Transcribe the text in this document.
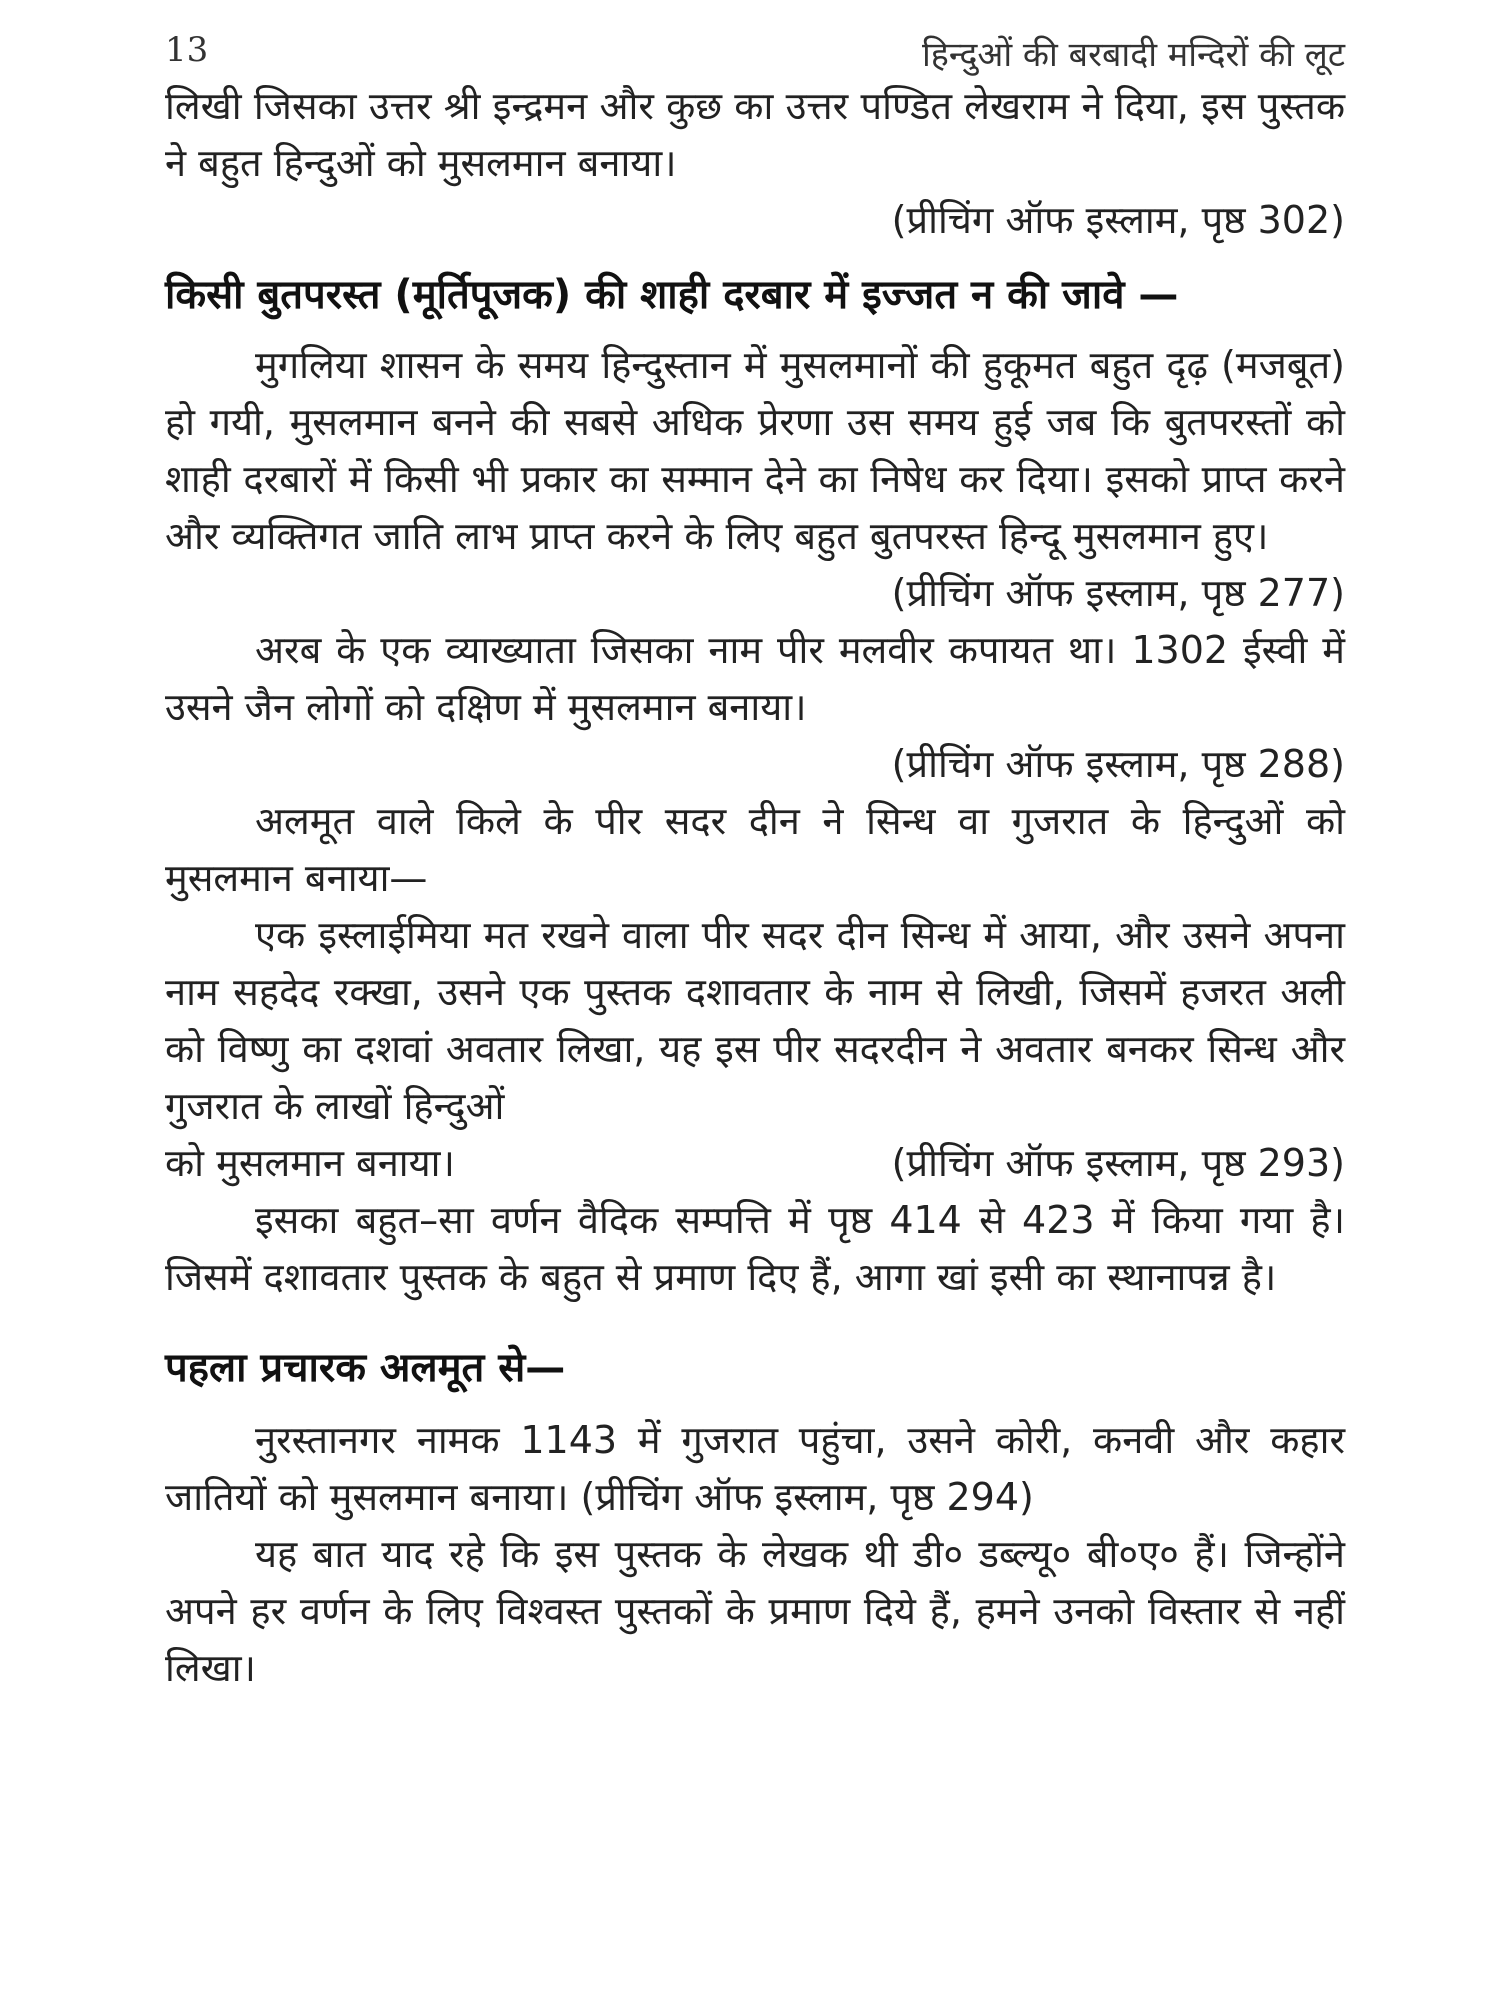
13	हिन्दुओं की बरबादी मन्दिरों की लूट

लिखी जिसका उत्तर श्री इन्द्रमन और कुछ का उत्तर पण्डित लेखराम ने दिया, इस पुस्तक ने बहुत हिन्दुओं को मुसलमान बनाया।

(प्रीचिंग ऑफ इस्लाम, पृष्ठ 302)
किसी बुतपरस्त (मूर्तिपूजक) की शाही दरबार में इज्जत न की जावे —

मुगलिया शासन के समय हिन्दुस्तान में मुसलमानों की हुकूमत बहुत दृढ़ (मजबूत) हो गयी, मुसलमान बनने की सबसे अधिक प्रेरणा उस समय हुई जब कि बुतपरस्तों को शाही दरबारों में किसी भी प्रकार का सम्मान देने का निषेध कर दिया। इसको प्राप्त करने और व्यक्तिगत जाति लाभ प्राप्त करने के लिए बहुत बुतपरस्त हिन्दू मुसलमान हुए।

(प्रीचिंग ऑफ इस्लाम, पृष्ठ 277)

अरब के एक व्याख्याता जिसका नाम पीर मलवीर कपायत था। 1302 ईस्वी में उसने जैन लोगों को दक्षिण में मुसलमान बनाया।

(प्रीचिंग ऑफ इस्लाम, पृष्ठ 288)

अलमूत वाले किले के पीर सदर दीन ने सिन्ध वा गुजरात के हिन्दुओं को मुसलमान बनाया—

एक इस्लाईमिया मत रखने वाला पीर सदर दीन सिन्ध में आया, और उसने अपना नाम सहदेद रक्खा, उसने एक पुस्तक दशावतार के नाम से लिखी, जिसमें हजरत अली को विष्णु का दशवां अवतार लिखा, यह इस पीर सदरदीन ने अवतार बनकर सिन्ध और गुजरात के लाखों हिन्दुओं

को मुसलमान बनाया।	(प्रीचिंग ऑफ इस्लाम, पृष्ठ 293)

इसका बहुत–सा वर्णन वैदिक सम्पत्ति में पृष्ठ 414 से 423 में किया गया है। जिसमें दशावतार पुस्तक के बहुत से प्रमाण दिए हैं, आगा खां इसी का स्थानापन्न है।

पहला प्रचारक अलमूत से—

नुरस्तानगर नामक 1143 में गुजरात पहुंचा, उसने कोरी, कनवी और कहार जातियों को मुसलमान बनाया। (प्रीचिंग ऑफ इस्लाम, पृष्ठ 294)

यह बात याद रहे कि इस पुस्तक के लेखक थी डी० डब्ल्यू० बी०ए० हैं। जिन्होंने अपने हर वर्णन के लिए विश्वस्त पुस्तकों के प्रमाण दिये हैं, हमने उनको विस्तार से नहीं लिखा।
